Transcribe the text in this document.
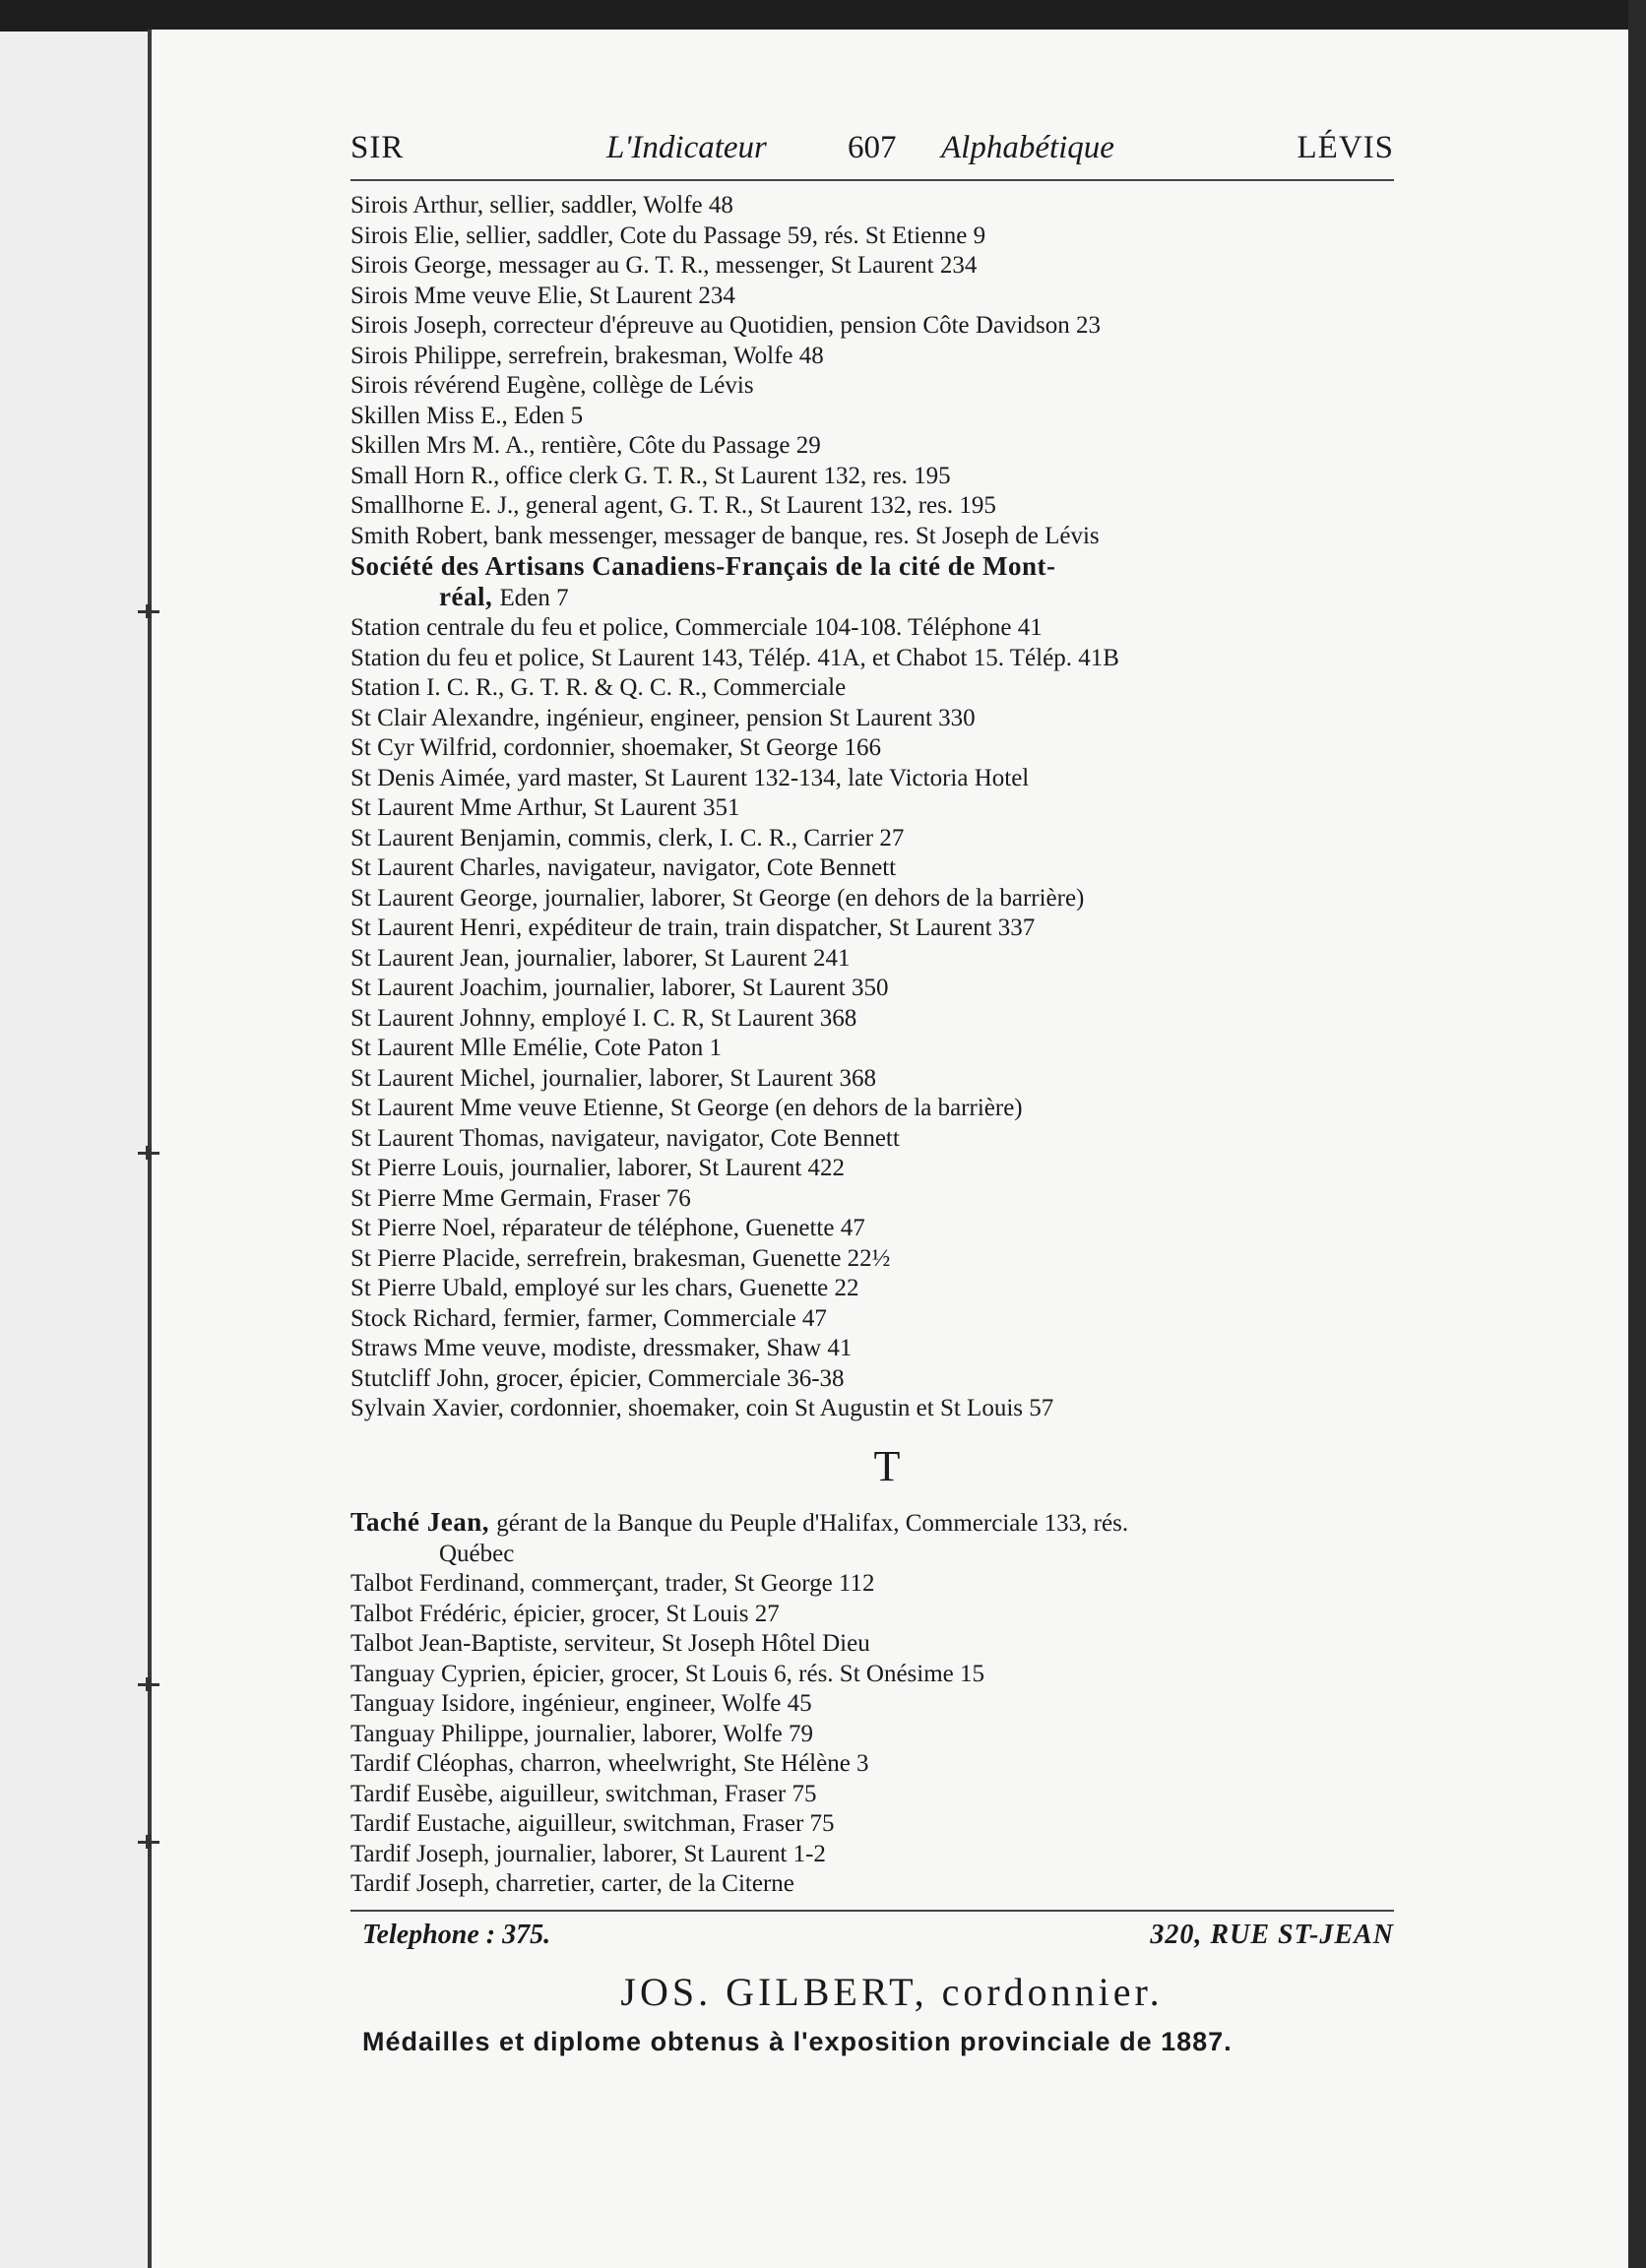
SIR	L'Indicateur 607 Alphabétique	LÉVIS
Sirois Arthur, sellier, saddler, Wolfe 48
Sirois Elie, sellier, saddler, Cote du Passage 59, rés. St Etienne 9
Sirois George, messager au G. T. R., messenger, St Laurent 234
Sirois Mme veuve Elie, St Laurent 234
Sirois Joseph, correcteur d'épreuve au Quotidien, pension Côte Davidson 23
Sirois Philippe, serrefrein, brakesman, Wolfe 48
Sirois révérend Eugène, collège de Lévis
Skillen Miss E., Eden 5
Skillen Mrs M. A., rentière, Côte du Passage 29
Small Horn R., office clerk G. T. R., St Laurent 132, res. 195
Smallhorne E. J., general agent, G. T. R., St Laurent 132, res. 195
Smith Robert, bank messenger, messager de banque, res. St Joseph de Lévis
Société des Artisans Canadiens-Français de la cité de Mont-
réal, Eden 7
Station centrale du feu et police, Commerciale 104-108. Téléphone 41
Station du feu et police, St Laurent 143, Télép. 41A, et Chabot 15. Télép. 41B
Station I. C. R., G. T. R. & Q. C. R., Commerciale
St Clair Alexandre, ingénieur, engineer, pension St Laurent 330
St Cyr Wilfrid, cordonnier, shoemaker, St George 166
St Denis Aimée, yard master, St Laurent 132-134, late Victoria Hotel
St Laurent Mme Arthur, St Laurent 351
St Laurent Benjamin, commis, clerk, I. C. R., Carrier 27
St Laurent Charles, navigateur, navigator, Cote Bennett
St Laurent George, journalier, laborer, St George (en dehors de la barrière)
St Laurent Henri, expéditeur de train, train dispatcher, St Laurent 337
St Laurent Jean, journalier, laborer, St Laurent 241
St Laurent Joachim, journalier, laborer, St Laurent 350
St Laurent Johnny, employé I. C. R, St Laurent 368
St Laurent Mlle Emélie, Cote Paton 1
St Laurent Michel, journalier, laborer, St Laurent 368
St Laurent Mme veuve Etienne, St George (en dehors de la barrière)
St Laurent Thomas, navigateur, navigator, Cote Bennett
St Pierre Louis, journalier, laborer, St Laurent 422
St Pierre Mme Germain, Fraser 76
St Pierre Noel, réparateur de téléphone, Guenette 47
St Pierre Placide, serrefrein, brakesman, Guenette 22½
St Pierre Ubald, employé sur les chars, Guenette 22
Stock Richard, fermier, farmer, Commerciale 47
Straws Mme veuve, modiste, dressmaker, Shaw 41
Stutcliff John, grocer, épicier, Commerciale 36-38
Sylvain Xavier, cordonnier, shoemaker, coin St Augustin et St Louis 57
T
Taché Jean, gérant de la Banque du Peuple d'Halifax, Commerciale 133, rés.
Québec
Talbot Ferdinand, commerçant, trader, St George 112
Talbot Frédéric, épicier, grocer, St Louis 27
Talbot Jean-Baptiste, serviteur, St Joseph Hôtel Dieu
Tanguay Cyprien, épicier, grocer, St Louis 6, rés. St Onésime 15
Tanguay Isidore, ingénieur, engineer, Wolfe 45
Tanguay Philippe, journalier, laborer, Wolfe 79
Tardif Cléophas, charron, wheelwright, Ste Hélène 3
Tardif Eusèbe, aiguilleur, switchman, Fraser 75
Tardif Eustache, aiguilleur, switchman, Fraser 75
Tardif Joseph, journalier, laborer, St Laurent 1-2
Tardif Joseph, charretier, carter, de la Citerne
Telephone : 375.	320, RUE ST-JEAN
JOS. GILBERT, cordonnier.
Médailles et diplome obtenus à l'exposition provinciale de 1887.
